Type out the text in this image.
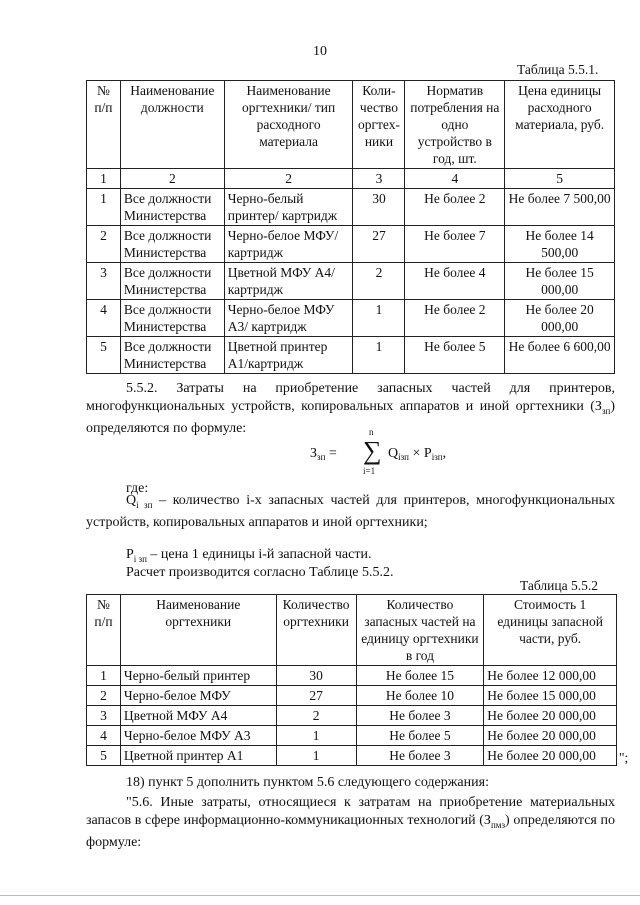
10
Таблица 5.5.1.
№ п/п	Наименование должности	Наименование оргтехники/ тип расходного материала	Коли-чество оргтех-ники	Норматив потребления на одно устройство в год, шт.	Цена единицы расходного материала, руб.
1	2	2	3	4	5
1	Все должности Министерства	Черно-белый принтер/ картридж	30	Не более 2	Не более 7 500,00
2	Все должности Министерства	Черно-белое МФУ/ картридж	27	Не более 7	Не более 14 500,00
3	Все должности Министерства	Цветной МФУ А4/ картридж	2	Не более 4	Не более 15 000,00
4	Все должности Министерства	Черно-белое МФУ А3/ картридж	1	Не более 2	Не более 20 000,00
5	Все должности Министерства	Цветной принтер А1/картридж	1	Не более 5	Не более 6 600,00
5.5.2. Затраты на приобретение запасных частей для принтеров, многофункциональных устройств, копировальных аппаратов и иной оргтехники $(З_{зп})$ определяются по формуле:
$З_{зп}$ =
n
∑
i=1
$Q_{iзп} \times P_{iзп}$,
где:
$Q_{i зп}$ – количество i-х запасных частей для принтеров, многофункциональных устройств, копировальных аппаратов и иной оргтехники;
$P_{i зп}$ – цена 1 единицы i-й запасной части.
Расчет производится согласно Таблице 5.5.2.
Таблица 5.5.2
№ п/п	Наименование оргтехники	Количество оргтехники	Количество запасных частей на единицу оргтехники в год	Стоимость 1 единицы запасной части, руб.
1	Черно-белый принтер	30	Не более 15	Не более 12 000,00
2	Черно-белое МФУ	27	Не более 10	Не более 15 000,00
3	Цветной МФУ А4	2	Не более 3	Не более 20 000,00
4	Черно-белое МФУ А3	1	Не более 5	Не более 20 000,00
5	Цветной принтер А1	1	Не более 3	Не более 20 000,00 ";
18) пункт 5 дополнить пунктом 5.6 следующего содержания:
"5.6. Иные затраты, относящиеся к затратам на приобретение материальных запасов в сфере информационно-коммуникационных технологий $(З_{пмз})$ определяются по формуле:
